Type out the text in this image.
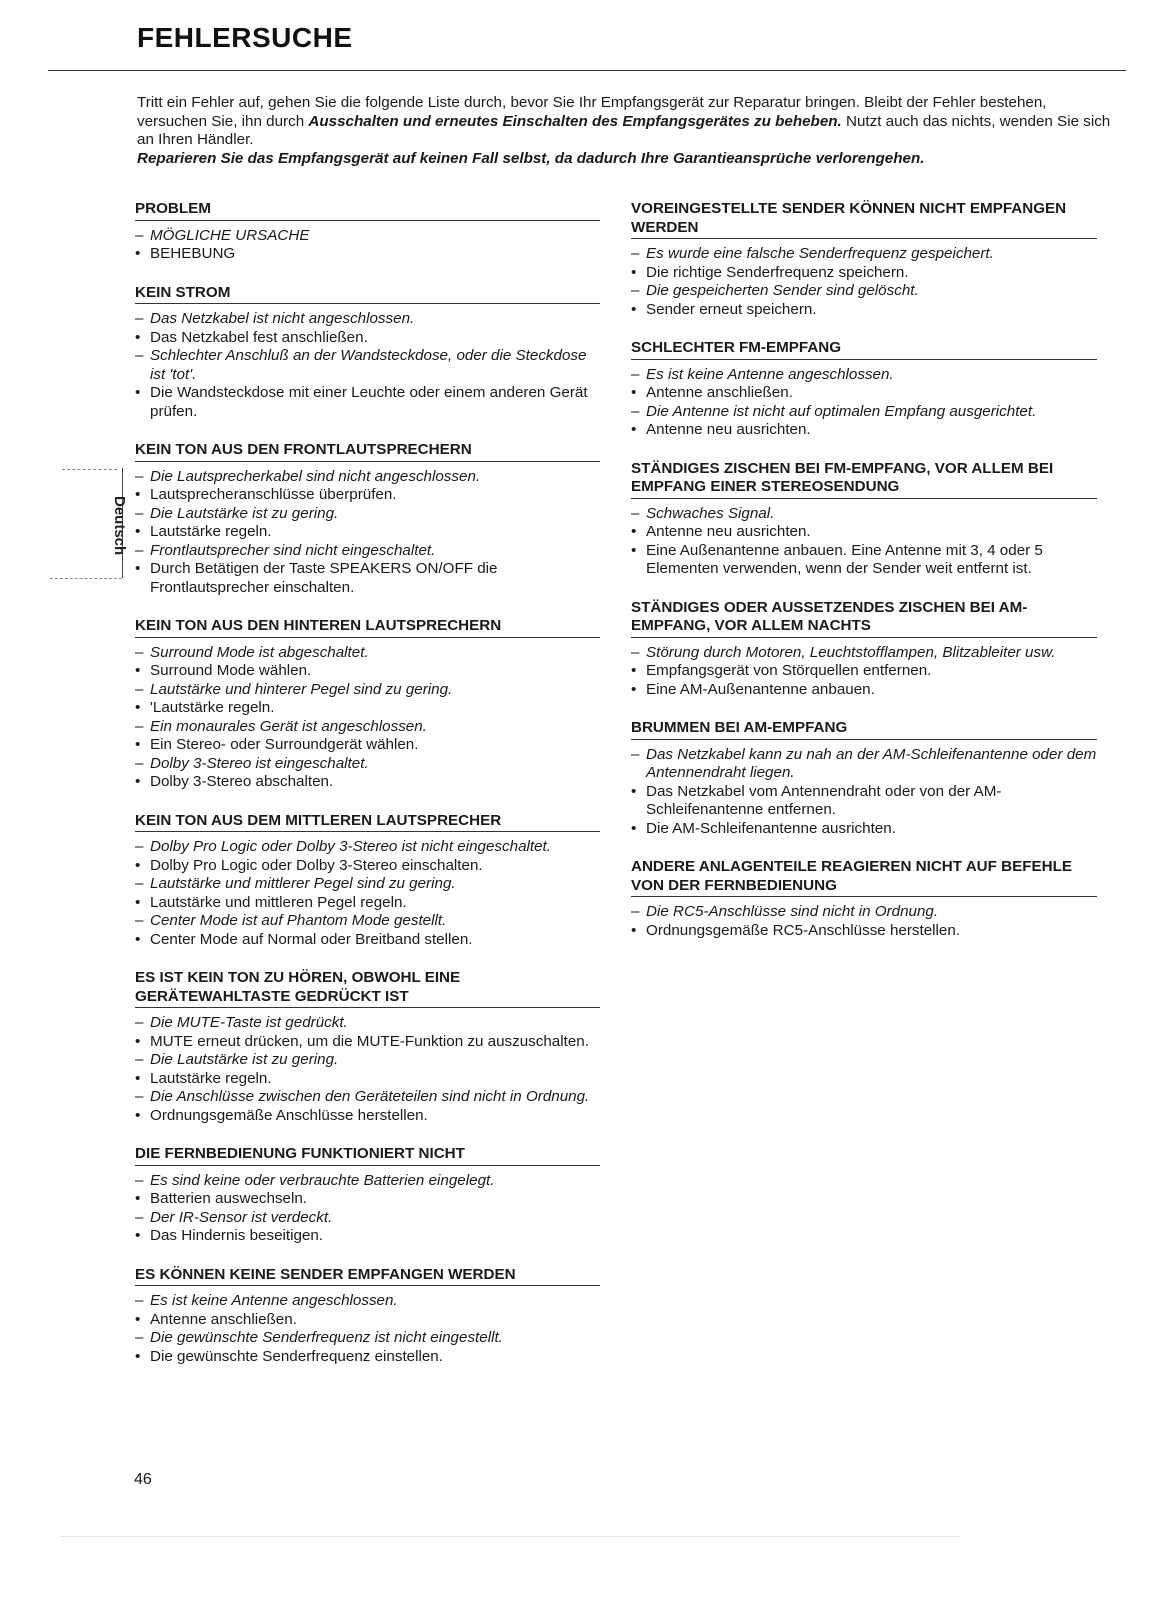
FEHLERSUCHE

Tritt ein Fehler auf, gehen Sie die folgende Liste durch, bevor Sie Ihr Empfangsgerät zur Reparatur bringen. Bleibt der Fehler bestehen, versuchen Sie, ihn durch Ausschalten und erneutes Einschalten des Empfangsgerätes zu beheben. Nutzt auch das nichts, wenden Sie sich an Ihren Händler.

Reparieren Sie das Empfangsgerät auf keinen Fall selbst, da dadurch Ihre Garantieansprüche verlorengehen.

Deutsch
PROBLEM
– MÖGLICHE URSACHE
• BEHEBUNG
KEIN STROM
– Das Netzkabel ist nicht angeschlossen.
• Das Netzkabel fest anschließen.
– Schlechter Anschluß an der Wandsteckdose, oder die Steckdose ist 'tot'.
• Die Wandsteckdose mit einer Leuchte oder einem anderen Gerät prüfen.
KEIN TON AUS DEN FRONTLAUTSPRECHERN
– Die Lautsprecherkabel sind nicht angeschlossen.
• Lautsprecheranschlüsse überprüfen.
– Die Lautstärke ist zu gering.
• Lautstärke regeln.
– Frontlautsprecher sind nicht eingeschaltet.
• Durch Betätigen der Taste SPEAKERS ON/OFF die Frontlautsprecher einschalten.
KEIN TON AUS DEN HINTEREN LAUTSPRECHERN
– Surround Mode ist abgeschaltet.
• Surround Mode wählen.
– Lautstärke und hinterer Pegel sind zu gering.
• 'Lautstärke regeln.
– Ein monaurales Gerät ist angeschlossen.
• Ein Stereo- oder Surroundgerät wählen.
– Dolby 3-Stereo ist eingeschaltet.
• Dolby 3-Stereo abschalten.
KEIN TON AUS DEM MITTLEREN LAUTSPRECHER
– Dolby Pro Logic oder Dolby 3-Stereo ist nicht eingeschaltet.
• Dolby Pro Logic oder Dolby 3-Stereo einschalten.
– Lautstärke und mittlerer Pegel sind zu gering.
• Lautstärke und mittleren Pegel regeln.
– Center Mode ist auf Phantom Mode gestellt.
• Center Mode auf Normal oder Breitband stellen.
ES IST KEIN TON ZU HÖREN, OBWOHL EINE GERÄTEWAHLTASTE GEDRÜCKT IST
– Die MUTE-Taste ist gedrückt.
• MUTE erneut drücken, um die MUTE-Funktion zu auszuschalten.
– Die Lautstärke ist zu gering.
• Lautstärke regeln.
– Die Anschlüsse zwischen den Geräteteilen sind nicht in Ordnung.
• Ordnungsgemäße Anschlüsse herstellen.
DIE FERNBEDIENUNG FUNKTIONIERT NICHT
– Es sind keine oder verbrauchte Batterien eingelegt.
• Batterien auswechseln.
– Der IR-Sensor ist verdeckt.
• Das Hindernis beseitigen.
ES KÖNNEN KEINE SENDER EMPFANGEN WERDEN
– Es ist keine Antenne angeschlossen.
• Antenne anschließen.
– Die gewünschte Senderfrequenz ist nicht eingestellt.
• Die gewünschte Senderfrequenz einstellen.
VOREINGESTELLTE SENDER KÖNNEN NICHT EMPFANGEN WERDEN
– Es wurde eine falsche Senderfrequenz gespeichert.
• Die richtige Senderfrequenz speichern.
– Die gespeicherten Sender sind gelöscht.
• Sender erneut speichern.
SCHLECHTER FM-EMPFANG
– Es ist keine Antenne angeschlossen.
• Antenne anschließen.
– Die Antenne ist nicht auf optimalen Empfang ausgerichtet.
• Antenne neu ausrichten.
STÄNDIGES ZISCHEN BEI FM-EMPFANG, VOR ALLEM BEI EMPFANG EINER STEREOSENDUNG
– Schwaches Signal.
• Antenne neu ausrichten.
• Eine Außenantenne anbauen. Eine Antenne mit 3, 4 oder 5 Elementen verwenden, wenn der Sender weit entfernt ist.
STÄNDIGES ODER AUSSETZENDES ZISCHEN BEI AM-EMPFANG, VOR ALLEM NACHTS
– Störung durch Motoren, Leuchtstofflampen, Blitzableiter usw.
• Empfangsgerät von Störquellen entfernen.
• Eine AM-Außenantenne anbauen.
BRUMMEN BEI AM-EMPFANG
– Das Netzkabel kann zu nah an der AM-Schleifenantenne oder dem Antennendraht liegen.
• Das Netzkabel vom Antennendraht oder von der AM-Schleifenantenne entfernen.
• Die AM-Schleifenantenne ausrichten.
ANDERE ANLAGENTEILE REAGIEREN NICHT AUF BEFEHLE VON DER FERNBEDIENUNG
– Die RC5-Anschlüsse sind nicht in Ordnung.
• Ordnungsgemäße RC5-Anschlüsse herstellen.
46
